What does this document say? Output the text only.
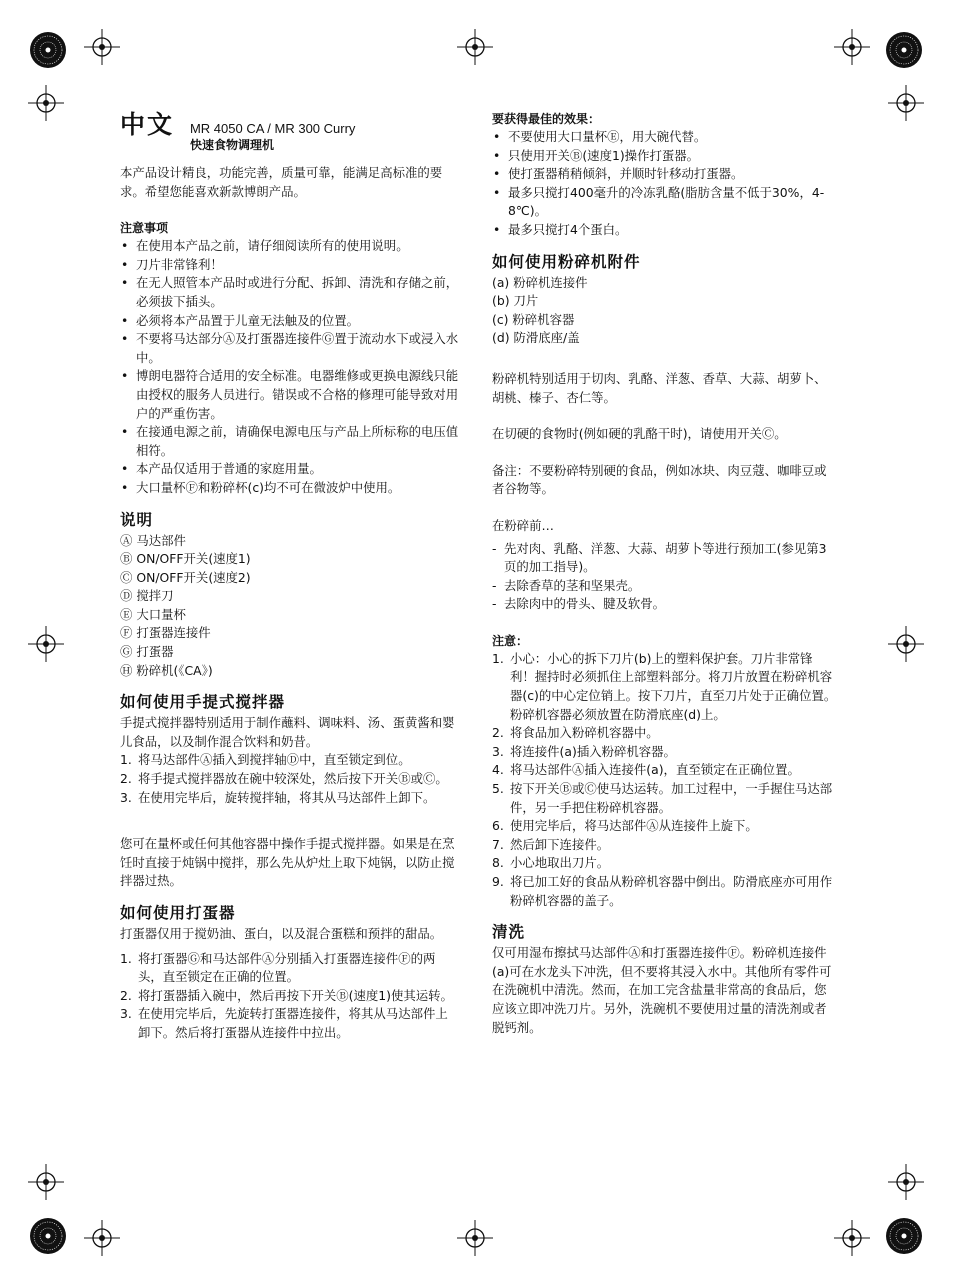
中文 MR 4050 CA / MR 300 Curry
快速食物调理机

本产品设计精良，功能完善，质量可靠，能满足高标准的要求。希望您能喜欢新款博朗产品。

注意事项
• 在使用本产品之前，请仔细阅读所有的使用说明。
• 刀片非常锋利！
• 在无人照管本产品时或进行分配、拆卸、清洗和存储之前，必须拔下插头。
• 必须将本产品置于儿童无法触及的位置。
• 不要将马达部分Ⓐ及打蛋器连接件Ⓖ置于流动水下或浸入水中。
• 博朗电器符合适用的安全标准。电器维修或更换电源线只能由授权的服务人员进行。错误或不合格的修理可能导致对用户的严重伤害。
• 在接通电源之前，请确保电源电压与产品上所标称的电压值相符。
• 本产品仅适用于普通的家庭用量。
• 大口量杯Ⓕ和粉碎杯(c)均不可在微波炉中使用。
说明
Ⓐ 马达部件
Ⓑ ON/OFF开关(速度1)
Ⓒ ON/OFF开关(速度2)
Ⓓ 搅拌刀
Ⓔ 大口量杯
Ⓕ 打蛋器连接件
Ⓖ 打蛋器
Ⓗ 粉碎机(《CA》)
如何使用手提式搅拌器

手提式搅拌器特别适用于制作蘸料、调味料、汤、蛋黄酱和婴儿食品，以及制作混合饮料和奶昔。

1. 将马达部件Ⓐ插入到搅拌轴Ⓓ中，直至锁定到位。
2. 将手提式搅拌器放在碗中较深处，然后按下开关Ⓑ或Ⓒ。
3. 在使用完毕后，旋转搅拌轴，将其从马达部件上卸下。

您可在量杯或任何其他容器中操作手提式搅拌器。如果是在烹饪时直接于炖锅中搅拌，那么先从炉灶上取下炖锅，以防止搅拌器过热。

如何使用打蛋器

打蛋器仅用于搅奶油、蛋白，以及混合蛋糕和预拌的甜品。

1. 将打蛋器Ⓖ和马达部件Ⓐ分别插入打蛋器连接件Ⓕ的两头，直至锁定在正确的位置。
2. 将打蛋器插入碗中，然后再按下开关Ⓑ(速度1)使其运转。
3. 在使用完毕后，先旋转打蛋器连接件，将其从马达部件上卸下。然后将打蛋器从连接件中拉出。
要获得最佳的效果：
• 不要使用大口量杯Ⓔ，用大碗代替。
• 只使用开关Ⓑ(速度1)操作打蛋器。
• 使打蛋器稍稍倾斜，并顺时针移动打蛋器。
• 最多只搅打400毫升的冷冻乳酪(脂肪含量不低于30%，4-8℃)。
• 最多只搅打4个蛋白。
如何使用粉碎机附件
(a) 粉碎机连接件
(b) 刀片
(c) 粉碎机容器
(d) 防滑底座/盖

粉碎机特别适用于切肉、乳酪、洋葱、香草、大蒜、胡萝卜、胡桃、榛子、杏仁等。

在切硬的食物时(例如硬的乳酪干时)，请使用开关Ⓒ。

备注：不要粉碎特别硬的食品，例如冰块、肉豆蔻、咖啡豆或者谷物等。

在粉碎前…

- 先对肉、乳酪、洋葱、大蒜、胡萝卜等进行预加工(参见第3页的加工指导)。
- 去除香草的茎和坚果壳。
- 去除肉中的骨头、腱及软骨。
注意：
1. 小心：小心的拆下刀片(b)上的塑料保护套。刀片非常锋利！握持时必须抓住上部塑料部分。将刀片放置在粉碎机容器(c)的中心定位销上。按下刀片，直至刀片处于正确位置。粉碎机容器必须放置在防滑底座(d)上。
2. 将食品加入粉碎机容器中。
3. 将连接件(a)插入粉碎机容器。
4. 将马达部件Ⓐ插入连接件(a)，直至锁定在正确位置。
5. 按下开关Ⓑ或Ⓒ使马达运转。加工过程中，一手握住马达部件，另一手把住粉碎机容器。
6. 使用完毕后，将马达部件Ⓐ从连接件上旋下。
7. 然后卸下连接件。
8. 小心地取出刀片。
9. 将已加工好的食品从粉碎机容器中倒出。防滑底座亦可用作粉碎机容器的盖子。
清洗

仅可用湿布擦拭马达部件Ⓐ和打蛋器连接件Ⓕ。粉碎机连接件(a)可在水龙头下冲洗，但不要将其浸入水中。其他所有零件可在洗碗机中清洗。然而，在加工完含盐量非常高的食品后，您应该立即冲洗刀片。另外，洗碗机不要使用过量的清洗剂或者脱钙剂。
